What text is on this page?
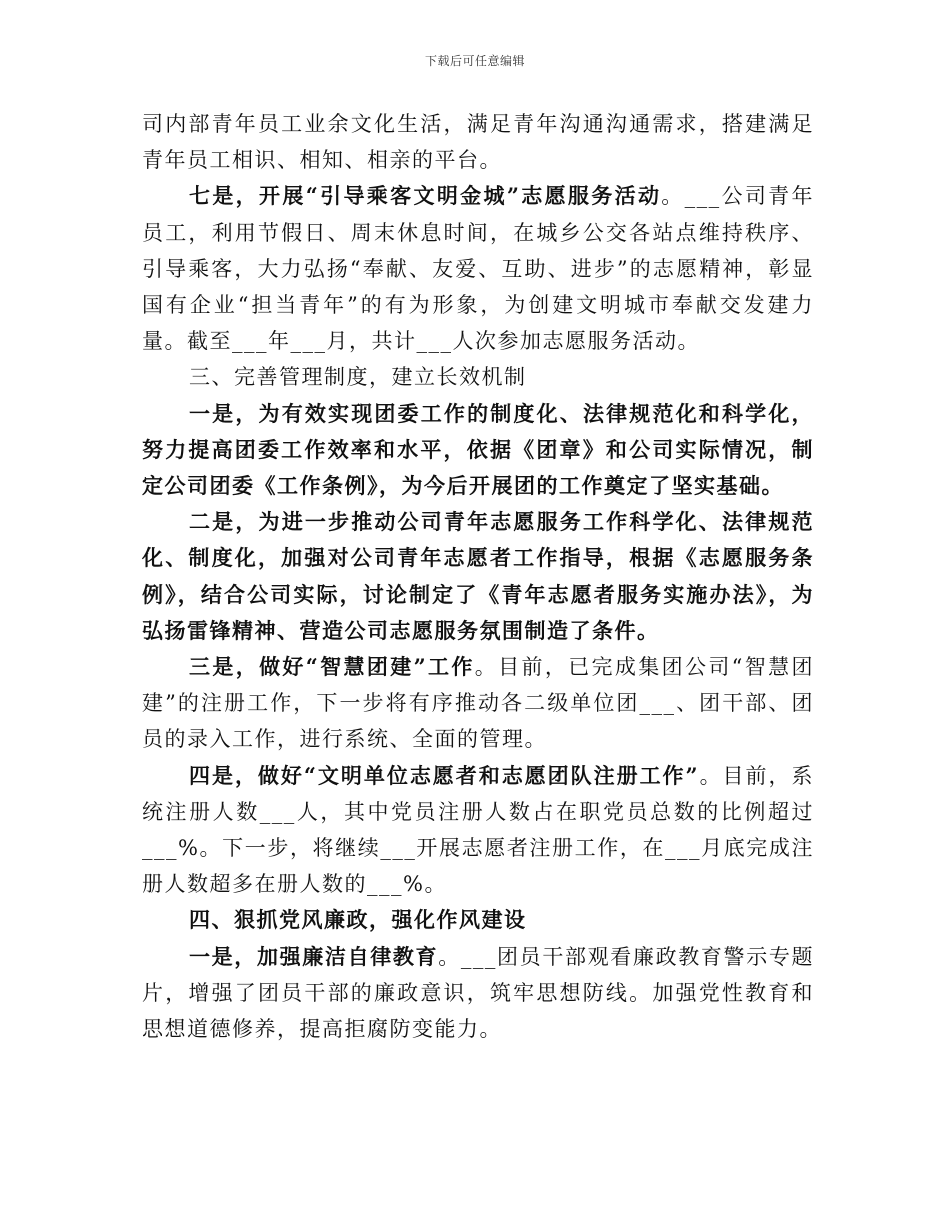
下载后可任意编辑

司内部青年员工业余文化生活，满足青年沟通沟通需求，搭建满足青年员工相识、相知、相亲的平台。

七是，开展“引导乘客文明金城”志愿服务活动。___公司青年员工，利用节假日、周末休息时间，在城乡公交各站点维持秩序、引导乘客，大力弘扬“奉献、友爱、互助、进步”的志愿精神，彰显国有企业“担当青年”的有为形象，为创建文明城市奉献交发建力量。截至___年___月，共计___人次参加志愿服务活动。

三、完善管理制度，建立长效机制

一是，为有效实现团委工作的制度化、法律规范化和科学化，努力提高团委工作效率和水平，依据《团章》和公司实际情况，制定公司团委《工作条例》，为今后开展团的工作奠定了坚实基础。

二是，为进一步推动公司青年志愿服务工作科学化、法律规范化、制度化，加强对公司青年志愿者工作指导，根据《志愿服务条例》，结合公司实际，讨论制定了《青年志愿者服务实施办法》，为弘扬雷锋精神、营造公司志愿服务氛围制造了条件。

三是，做好“智慧团建”工作。目前，已完成集团公司“智慧团建”的注册工作，下一步将有序推动各二级单位团___、团干部、团员的录入工作，进行系统、全面的管理。

四是，做好“文明单位志愿者和志愿团队注册工作”。目前，系统注册人数___人，其中党员注册人数占在职党员总数的比例超过___%。下一步，将继续___开展志愿者注册工作，在___月底完成注册人数超多在册人数的___%。

四、狠抓党风廉政，强化作风建设

一是，加强廉洁自律教育。___团员干部观看廉政教育警示专题片，增强了团员干部的廉政意识，筑牢思想防线。加强党性教育和思想道德修养，提高拒腐防变能力。
